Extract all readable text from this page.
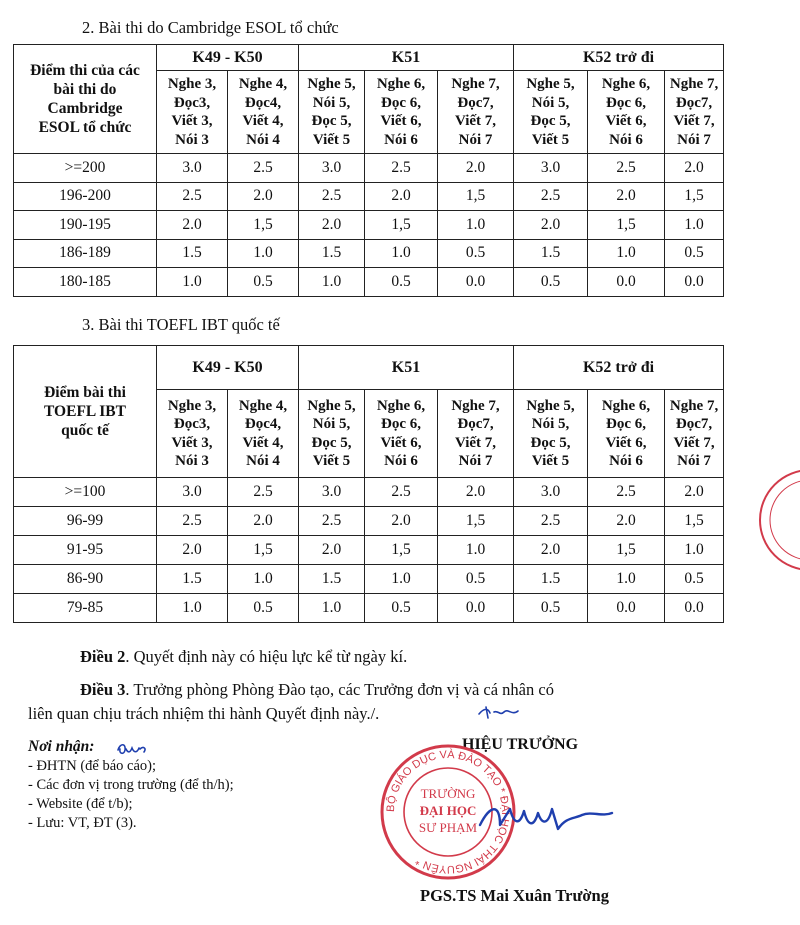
2. Bài thi do Cambridge ESOL tổ chức
Điểm thi của các
bài thi do
Cambridge
ESOL tổ chức	K49 - K50		K51			K52 trở đi		

	Nghe 3,
Đọc3,
Viết 3,
Nói 3	Nghe 4,
Đọc4,
Viết 4,
Nói 4	Nghe 5,
Nói 5,
Đọc 5,
Viết 5	Nghe 6,
Đọc 6,
Viết 6,
Nói 6	Nghe 7,
Đọc7,
Viết 7,
Nói 7	Nghe 5,
Nói 5,
Đọc 5,
Viết 5	Nghe 6,
Đọc 6,
Viết 6,
Nói 6	Nghe 7,
Đọc7,
Viết 7,
Nói 7

>=200	3.0	2.5	3.0	2.5	2.0	3.0	2.5	2.0
196-200	2.5	2.0	2.5	2.0	1,5	2.5	2.0	1,5
190-195	2.0	1,5	2.0	1,5	1.0	2.0	1,5	1.0
186-189	1.5	1.0	1.5	1.0	0.5	1.5	1.0	0.5
180-185	1.0	0.5	1.0	0.5	0.0	0.5	0.0	0.0
3. Bài thi TOEFL IBT quốc tế
Điểm bài thi
TOEFL IBT
quốc tế	K49 - K50		K51			K52 trở đi		

	Nghe 3,
Đọc3,
Viết 3,
Nói 3	Nghe 4,
Đọc4,
Viết 4,
Nói 4	Nghe 5,
Nói 5,
Đọc 5,
Viết 5	Nghe 6,
Đọc 6,
Viết 6,
Nói 6	Nghe 7,
Đọc7,
Viết 7,
Nói 7	Nghe 5,
Nói 5,
Đọc 5,
Viết 5	Nghe 6,
Đọc 6,
Viết 6,
Nói 6	Nghe 7,
Đọc7,
Viết 7,
Nói 7

>=100	3.0	2.5	3.0	2.5	2.0	3.0	2.5	2.0
96-99	2.5	2.0	2.5	2.0	1,5	2.5	2.0	1,5
91-95	2.0	1,5	2.0	1,5	1.0	2.0	1,5	1.0
86-90	1.5	1.0	1.5	1.0	0.5	1.5	1.0	0.5
79-85	1.0	0.5	1.0	0.5	0.0	0.5	0.0	0.0
Điều 2. Quyết định này có hiệu lực kể từ ngày kí.
Điều 3. Trưởng phòng Phòng Đào tạo, các Trưởng đơn vị và cá nhân có
liên quan chịu trách nhiệm thi hành Quyết định này./.
Nơi nhận:
- ĐHTN (để báo cáo);
- Các đơn vị trong trường (để th/h);
- Website (để t/b);
- Lưu: VT, ĐT (3).
HIỆU TRƯỞNG
BỘ GIÁO DỤC VÀ ĐÀO TẠO * ĐẠI HỌC THÁI NGUYÊN *
TRƯỜNG
ĐẠI HỌC
SƯ PHẠM
PGS.TS Mai Xuân Trường
